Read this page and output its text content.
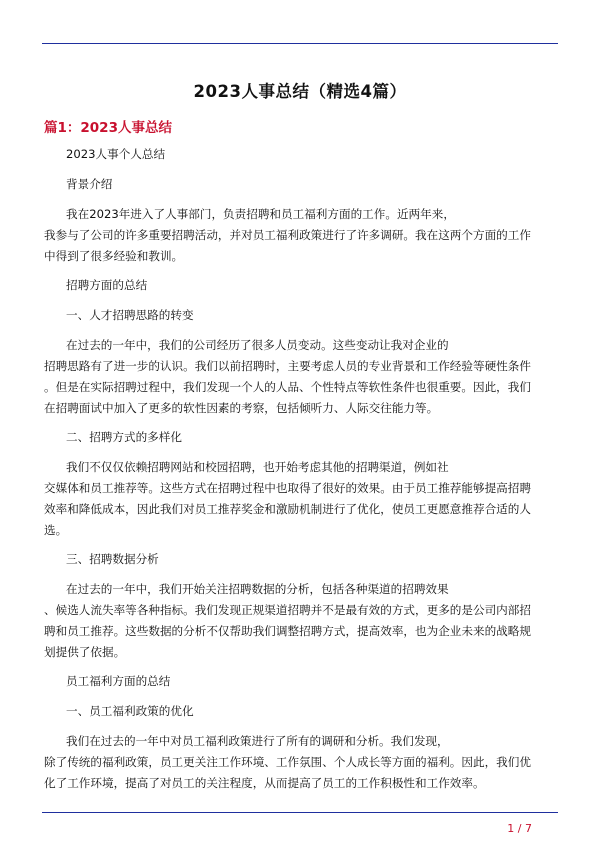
2023人事总结（精选4篇）
篇1：2023人事总结

2023人事个人总结

背景介绍

我在2023年进入了人事部门，负责招聘和员工福利方面的工作。近两年来，
我参与了公司的许多重要招聘活动，并对员工福利政策进行了许多调研。我在这两个方面的工作
中得到了很多经验和教训。

招聘方面的总结

一、人才招聘思路的转变

在过去的一年中，我们的公司经历了很多人员变动。这些变动让我对企业的
招聘思路有了进一步的认识。我们以前招聘时，主要考虑人员的专业背景和工作经验等硬性条件
。但是在实际招聘过程中，我们发现一个人的人品、个性特点等软性条件也很重要。因此，我们
在招聘面试中加入了更多的软性因素的考察，包括倾听力、人际交往能力等。

二、招聘方式的多样化

我们不仅仅依赖招聘网站和校园招聘，也开始考虑其他的招聘渠道，例如社
交媒体和员工推荐等。这些方式在招聘过程中也取得了很好的效果。由于员工推荐能够提高招聘
效率和降低成本，因此我们对员工推荐奖金和激励机制进行了优化，使员工更愿意推荐合适的人
选。

三、招聘数据分析

在过去的一年中，我们开始关注招聘数据的分析，包括各种渠道的招聘效果
、候选人流失率等各种指标。我们发现正规渠道招聘并不是最有效的方式，更多的是公司内部招
聘和员工推荐。这些数据的分析不仅帮助我们调整招聘方式，提高效率，也为企业未来的战略规
划提供了依据。

员工福利方面的总结

一、员工福利政策的优化

我们在过去的一年中对员工福利政策进行了所有的调研和分析。我们发现，
除了传统的福利政策，员工更关注工作环境、工作氛围、个人成长等方面的福利。因此，我们优
化了工作环境，提高了对员工的关注程度，从而提高了员工的工作积极性和工作效率。

1 / 7
